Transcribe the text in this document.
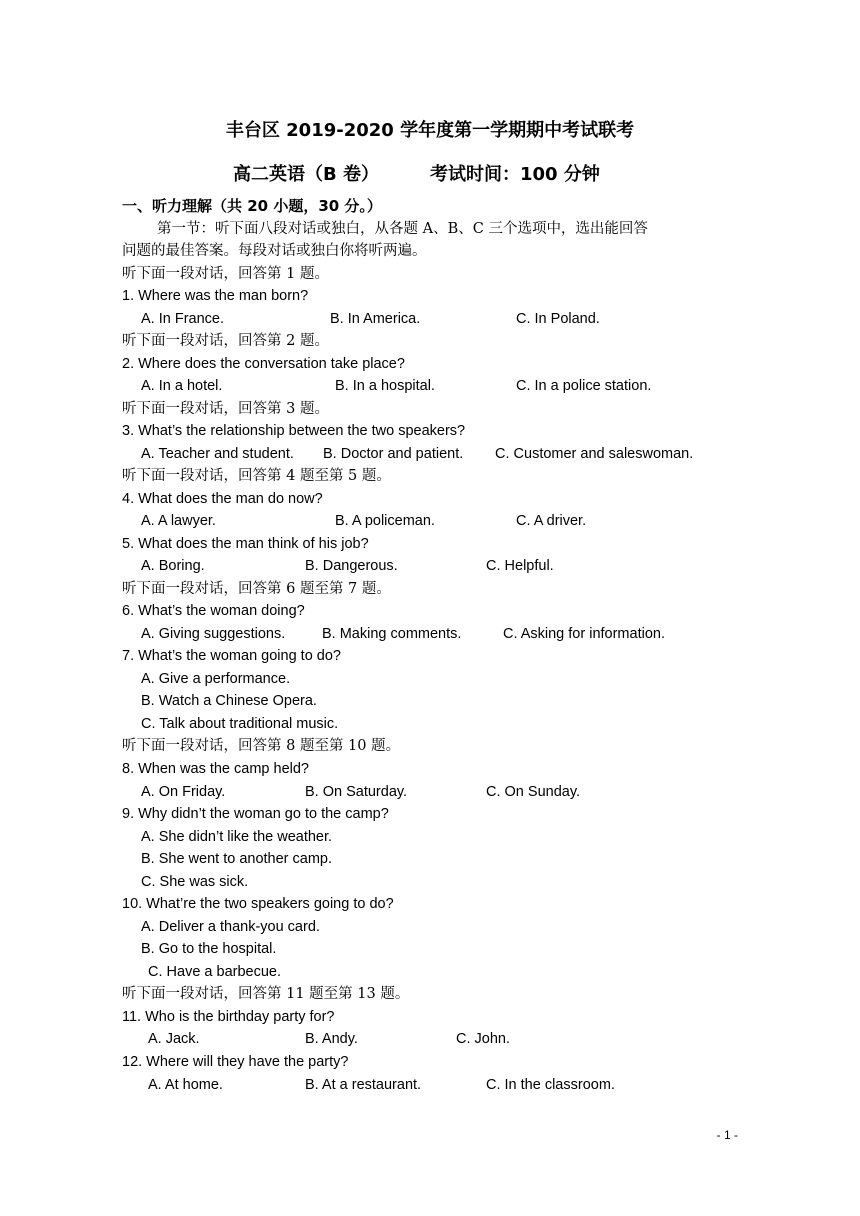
丰台区 2019-2020 学年度第一学期期中考试联考
高二英语（B 卷）	考试时间：100 分钟
一、听力理解（共 20 小题，30 分。）
第一节：听下面八段对话或独白，从各题 A、B、C 三个选项中，选出能回答
问题的最佳答案。每段对话或独白你将听两遍。
听下面一段对话，回答第 1 题。
1. Where was the man born?
A. In France.	B. In America.	C. In Poland.
听下面一段对话，回答第 2 题。
2. Where does the conversation take place?
A. In a hotel.	B. In a hospital.	C. In a police station.
听下面一段对话，回答第 3 题。
3. What’s the relationship between the two speakers?
A. Teacher and student. B. Doctor and patient. C. Customer and saleswoman.
听下面一段对话，回答第 4 题至第 5 题。
4. What does the man do now?
A. A lawyer.	B. A policeman.	C. A driver.
5. What does the man think of his job?
A. Boring.	B. Dangerous.	C. Helpful.
听下面一段对话，回答第 6 题至第 7 题。
6. What’s the woman doing?
A. Giving suggestions.	B. Making comments.	C. Asking for information.
7. What’s the woman going to do?
A. Give a performance.
B. Watch a Chinese Opera.
C. Talk about traditional music.
听下面一段对话，回答第 8 题至第 10 题。
8. When was the camp held?
A. On Friday.	B. On Saturday.	C. On Sunday.
9. Why didn’t the woman go to the camp?
A. She didn’t like the weather.
B. She went to another camp.
C. She was sick.
10. What’re the two speakers going to do?
A. Deliver a thank-you card.
B. Go to the hospital.
C. Have a barbecue.
听下面一段对话，回答第 11 题至第 13 题。
11. Who is the birthday party for?
A. Jack.	B. Andy.	C. John.
12. Where will they have the party?
A. At home.	B. At a restaurant.	C. In the classroom.
- 1 -
